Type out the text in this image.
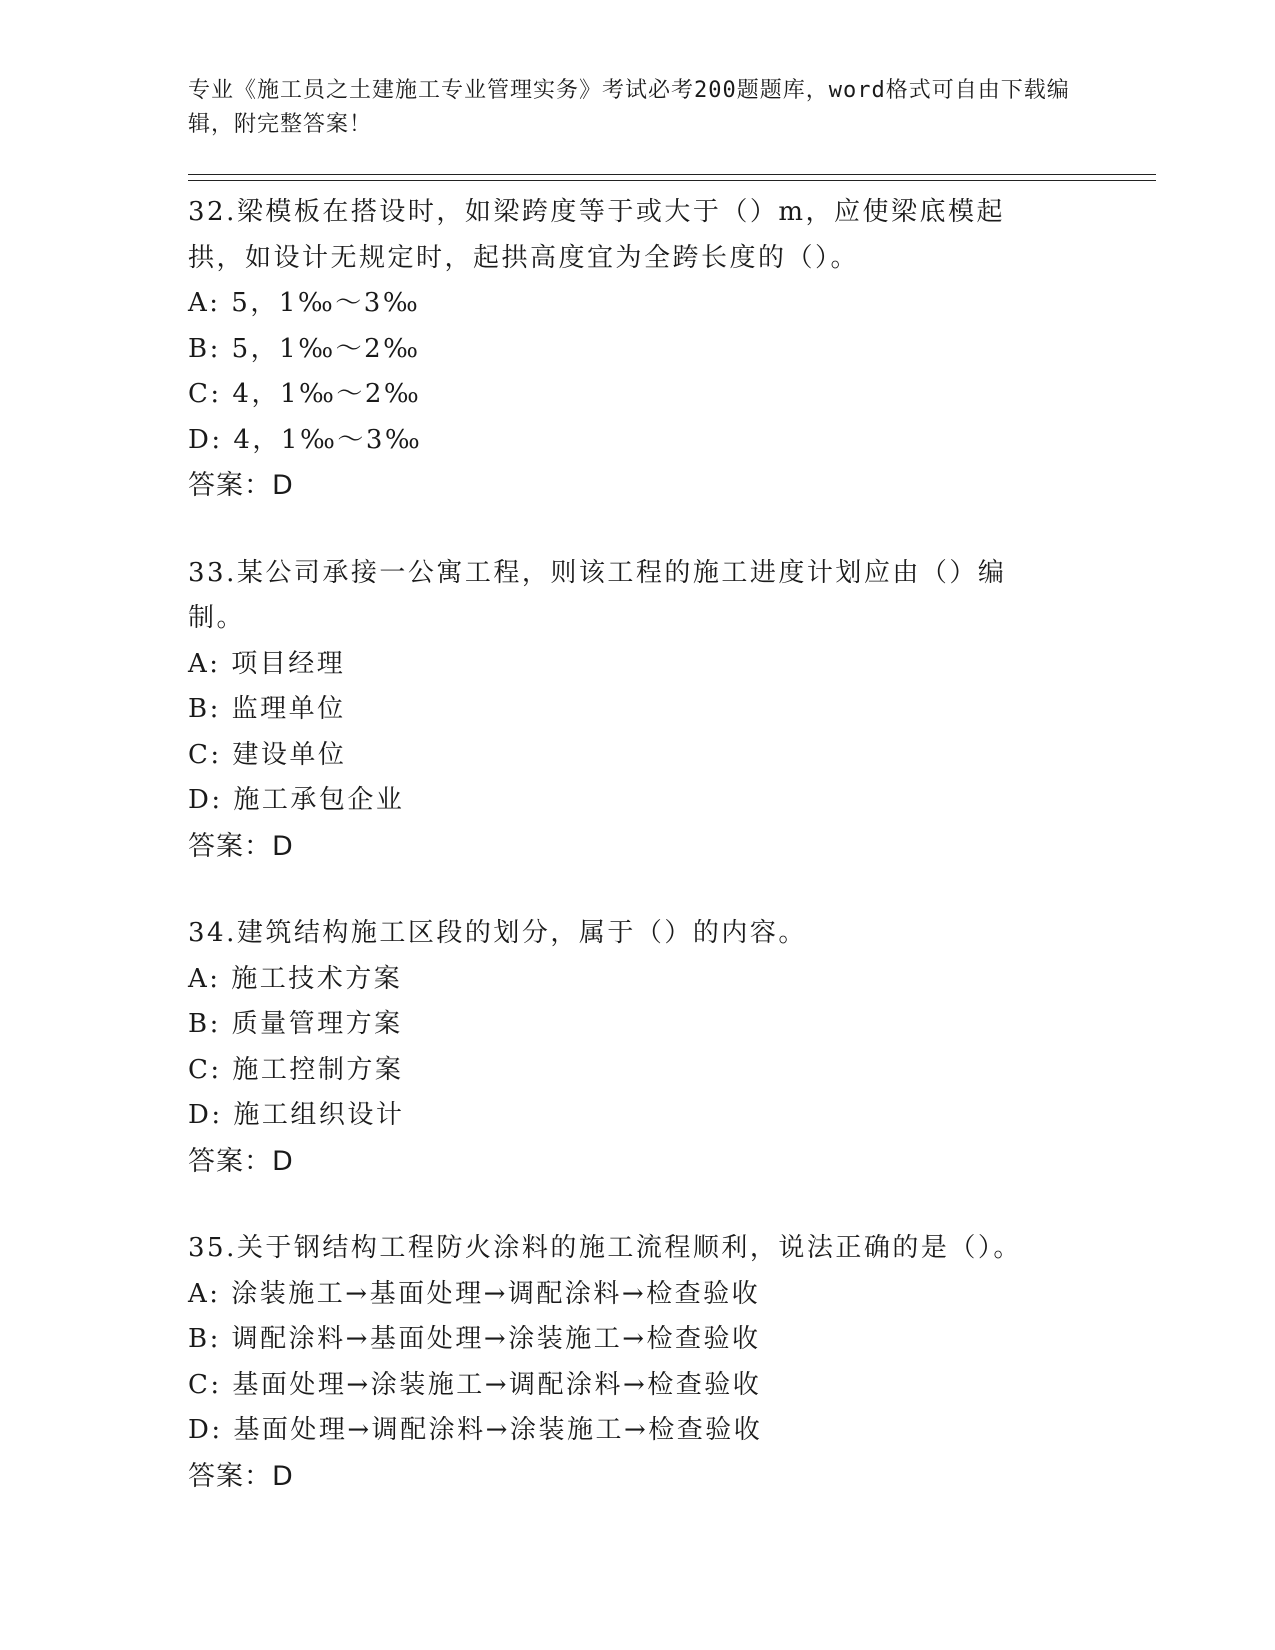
专业《施工员之土建施工专业管理实务》考试必考200题题库，word格式可自由下载编辑，附完整答案！
32.梁模板在搭设时，如梁跨度等于或大于（）m，应使梁底模起拱，如设计无规定时，起拱高度宜为全跨长度的（）。
A: 5，1‰～3‰
B: 5，1‰～2‰
C: 4，1‰～2‰
D: 4，1‰～3‰
答案：D
33.某公司承接一公寓工程，则该工程的施工进度计划应由（）编制。
A: 项目经理
B: 监理单位
C: 建设单位
D: 施工承包企业
答案：D
34.建筑结构施工区段的划分，属于（）的内容。
A: 施工技术方案
B: 质量管理方案
C: 施工控制方案
D: 施工组织设计
答案：D
35.关于钢结构工程防火涂料的施工流程顺利，说法正确的是（）。
A: 涂装施工→基面处理→调配涂料→检查验收
B: 调配涂料→基面处理→涂装施工→检查验收
C: 基面处理→涂装施工→调配涂料→检查验收
D: 基面处理→调配涂料→涂装施工→检查验收
答案：D
